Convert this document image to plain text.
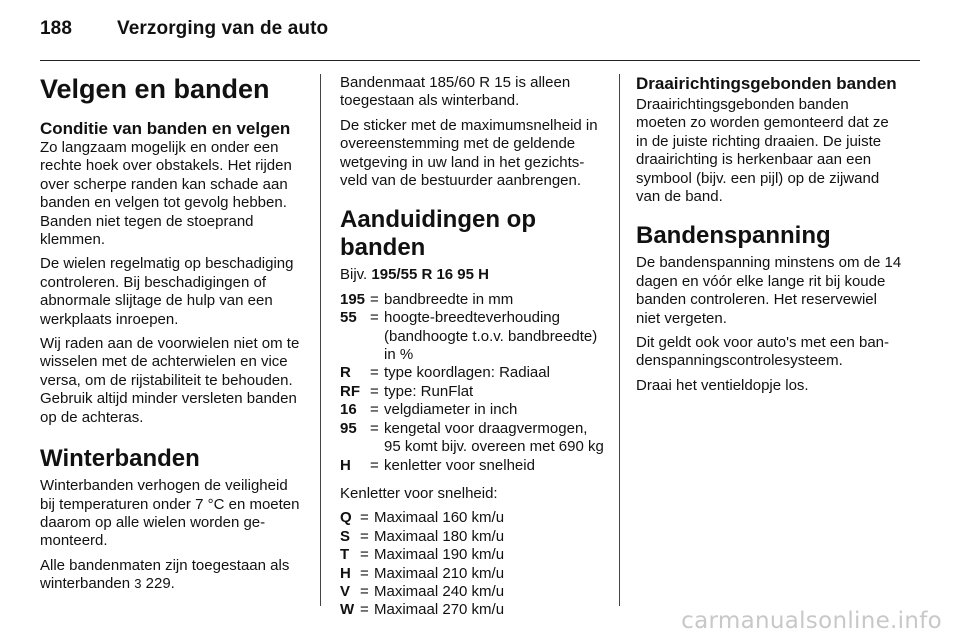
188 Verzorging van de auto
Velgen en banden
Conditie van banden en velgen

Zo langzaam mogelijk en onder een rechte hoek over obstakels. Het rijden over scherpe randen kan schade aan banden en velgen tot gevolg hebben. Banden niet tegen de stoeprand klemmen.

De wielen regelmatig op beschadiging controleren. Bij beschadigingen of abnormale slijtage de hulp van een werkplaats inroepen.

Wij raden aan de voorwielen niet om te wisselen met de achterwielen en vice versa, om de rijstabiliteit te behouden. Gebruik altijd minder versleten banden op de achteras.

Winterbanden

Winterbanden verhogen de veiligheid bij temperaturen onder 7 °C en moeten daarom op alle wielen worden gemonteerd.

Alle bandenmaten zijn toegestaan als winterbanden 3 229.

Bandenmaat 185/60 R 15 is alleen toegestaan als winterband.

De sticker met de maximumsnelheid in overeenstemming met de geldende wetgeving in uw land in het gezichtsveld van de bestuurder aanbrengen.

Aanduidingen op banden
Bijv. 195/55 R 16 95 H
195	=	bandbreedte in mm
55	=	hoogte-breedteverhouding (bandhoogte t.o.v. bandbreedte) in %
R	=	type koordlagen: Radiaal
RF	=	type: RunFlat
16	=	velgdiameter in inch
95	=	kengetal voor draagvermogen, 95 komt bijv. overeen met 690 kg
H	=	kenletter voor snelheid

Kenletter voor snelheid:

Q	=	Maximaal 160 km/u
S	=	Maximaal 180 km/u
T	=	Maximaal 190 km/u
H	=	Maximaal 210 km/u
V	=	Maximaal 240 km/u
W	=	Maximaal 270 km/u
Draairichtingsgebonden banden

Draairichtingsgebonden banden moeten zo worden gemonteerd dat ze in de juiste richting draaien. De juiste draairichting is herkenbaar aan een symbool (bijv. een pijl) op de zijwand van de band.

Bandenspanning

De bandenspanning minstens om de 14 dagen en vóór elke lange rit bij koude banden controleren. Het reservewiel niet vergeten.

Dit geldt ook voor auto's met een bandenspanningscontrolesysteem.

Draai het ventieldopje los.

carmanualsonline.info
